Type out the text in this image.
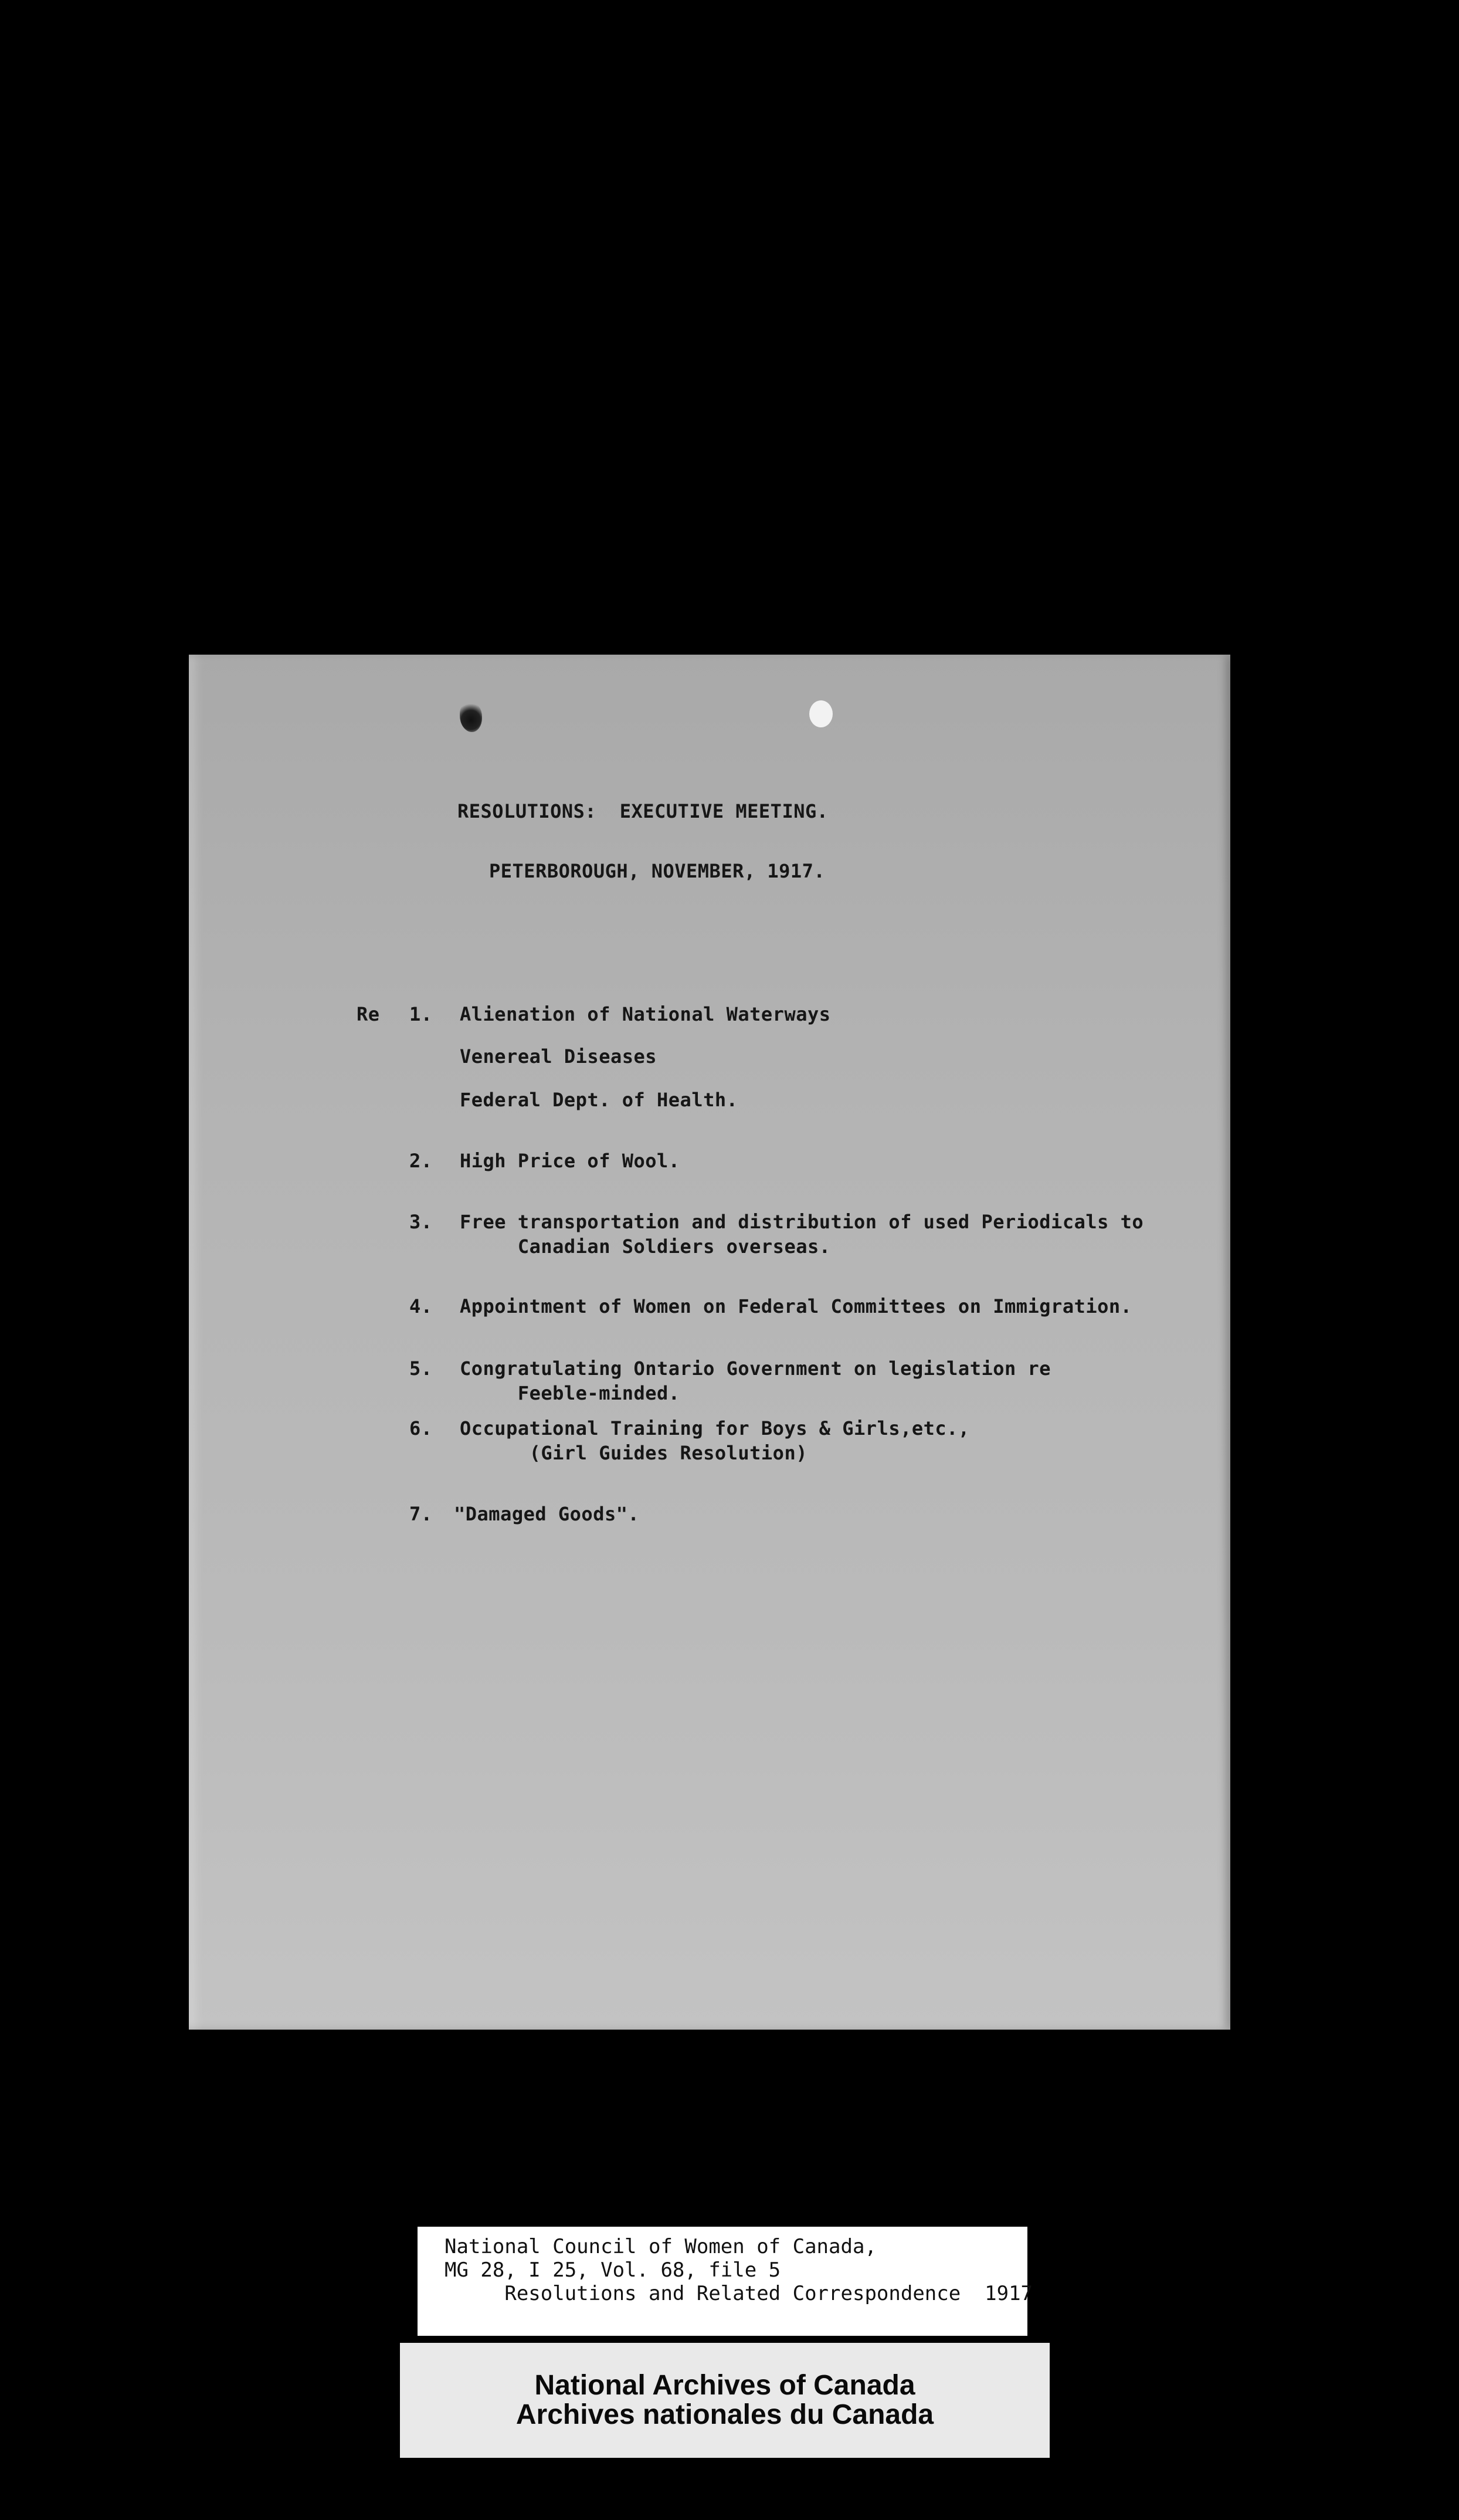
RESOLUTIONS:  EXECUTIVE MEETING.
PETERBOROUGH, NOVEMBER, 1917.
Re 1. Alienation of National Waterways
Venereal Diseases
Federal Dept. of Health.
2. High Price of Wool.
3. Free transportation and distribution of used Periodicals to
Canadian Soldiers overseas.
4. Appointment of Women on Federal Committees on Immigration.
5. Congratulating Ontario Government on legislation re
Feeble-minded.
6. Occupational Training for Boys & Girls,etc.,
(Girl Guides Resolution)
7. "Damaged Goods".
National Council of Women of Canada,
MG 28, I 25, Vol. 68, file 5
Resolutions and Related Correspondence  1917
National Archives of Canada
Archives nationales du Canada
